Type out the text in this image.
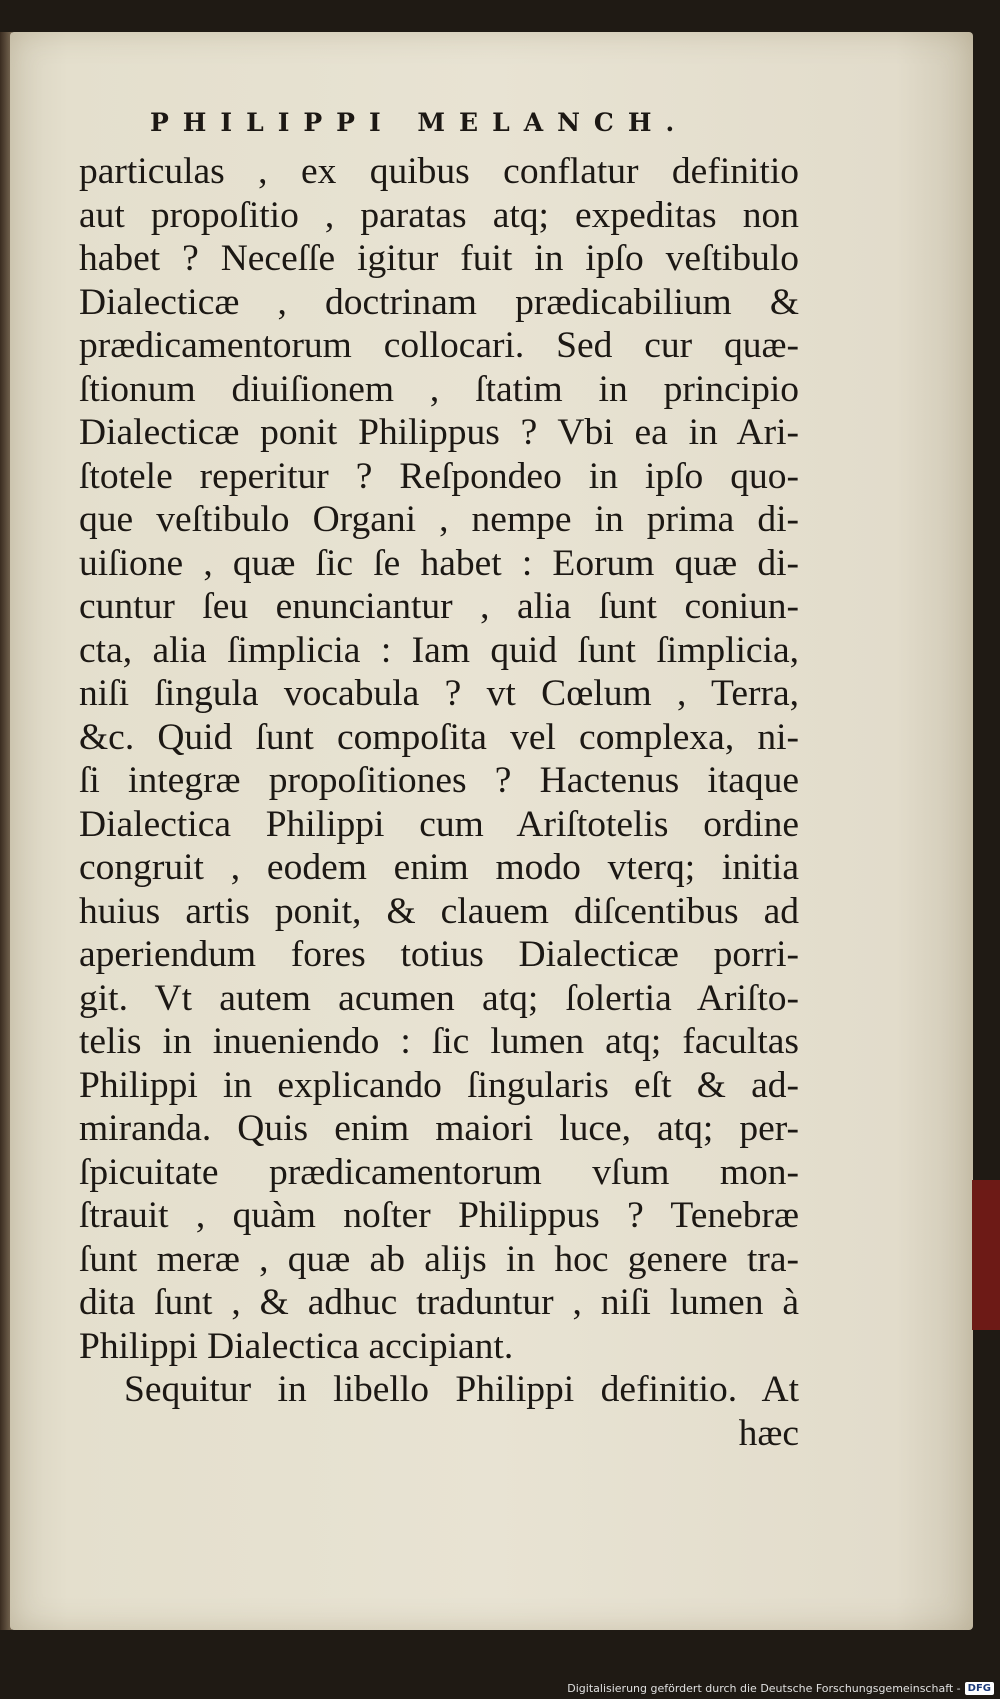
PHILIPPI MELANCH.
particulas , ex quibus conflatur definitio
aut propoſitio , paratas atq; expeditas non
habet ? Neceſſe igitur fuit in ipſo veſtibulo
Dialecticæ , doctrinam prædicabilium &
prædicamentorum collocari. Sed cur quæ-
ſtionum diuiſionem , ſtatim in principio
Dialecticæ ponit Philippus ? Vbi ea in Ari-
ſtotele reperitur ? Reſpondeo in ipſo quo-
que veſtibulo Organi , nempe in prima di-
uiſione , quæ ſic ſe habet : Eorum quæ di-
cuntur ſeu enunciantur , alia ſunt coniun-
cta, alia ſimplicia : Iam quid ſunt ſimplicia,
niſi ſingula vocabula ? vt Cœlum , Terra,
&c. Quid ſunt compoſita vel complexa, ni-
ſi integræ propoſitiones ? Hactenus itaque
Dialectica Philippi cum Ariſtotelis ordine
congruit , eodem enim modo vterq; initia
huius artis ponit, & clauem diſcentibus ad
aperiendum fores totius Dialecticæ porri-
git. Vt autem acumen atq; ſolertia Ariſto-
telis in inueniendo : ſic lumen atq; facultas
Philippi in explicando ſingularis eſt & ad-
miranda. Quis enim maiori luce, atq; per-
ſpicuitate prædicamentorum vſum mon-
ſtrauit , quàm noſter Philippus ? Tenebræ
ſunt meræ , quæ ab alijs in hoc genere tra-
dita ſunt , & adhuc traduntur , niſi lumen à
Philippi Dialectica accipiant.
Sequitur in libello Philippi definitio. At
hæc
Digitalisierung gefördert durch die Deutsche Forschungsgemeinschaft - DFG
